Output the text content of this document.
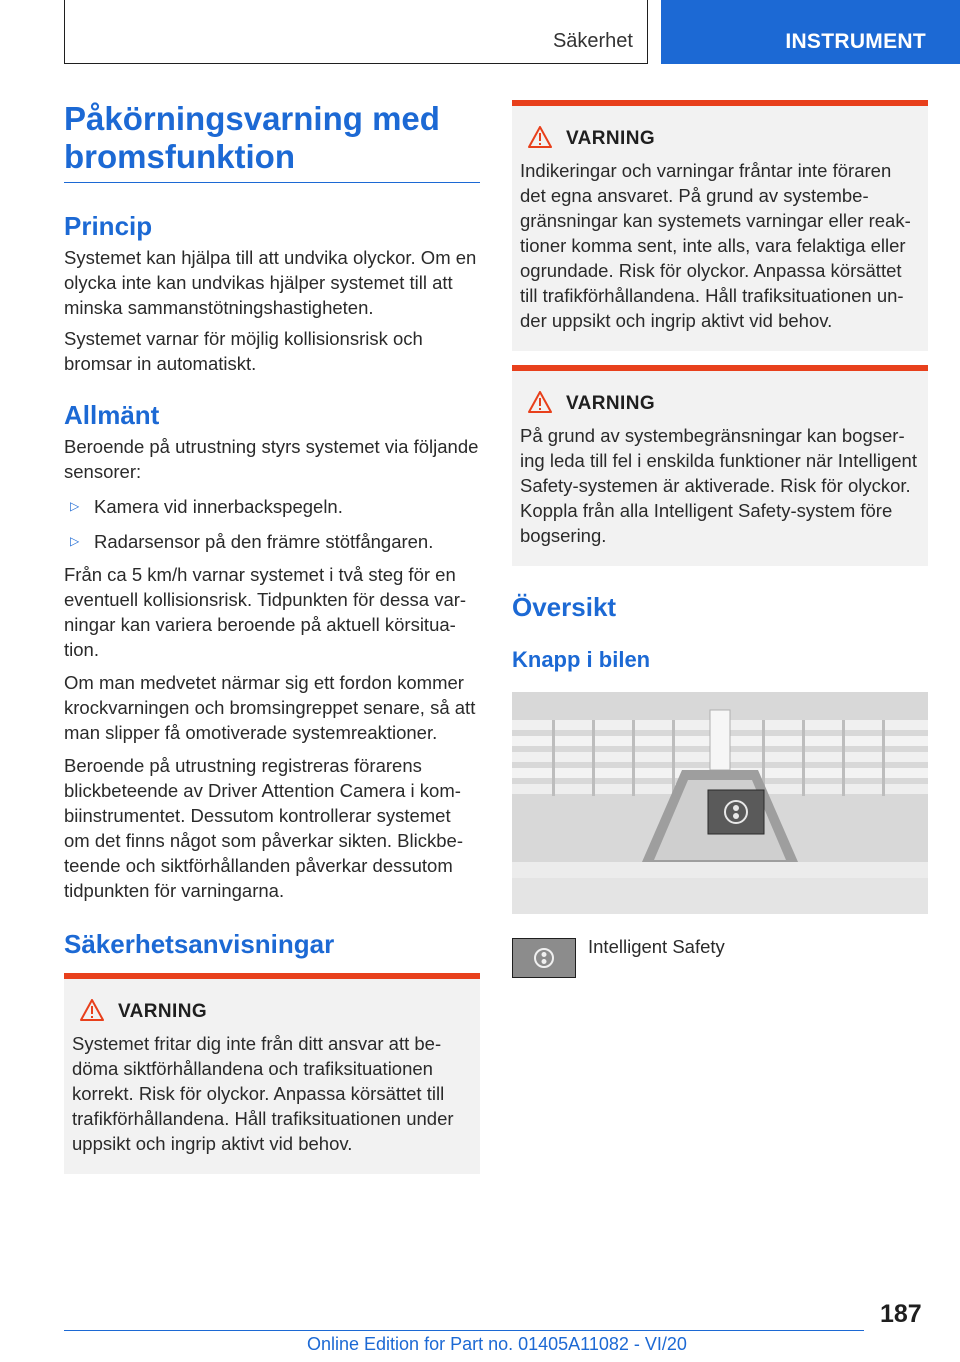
Säkerhet	INSTRUMENT
Påkörningsvarning med bromsfunktion
Princip

Systemet kan hjälpa till att undvika olyckor. Om en olycka inte kan undvikas hjälper systemet till att minska sammanstötningshastigheten.

Systemet varnar för möjlig kollisionsrisk och bromsar in automatiskt.

Allmänt

Beroende på utrustning styrs systemet via följande sensorer:

▷ Kamera vid innerbackspegeln.
▷ Radarsensor på den främre stötfångaren.

Från ca 5 km/h varnar systemet i två steg för en eventuell kollisionsrisk. Tidpunkten för dessa varningar kan variera beroende på aktuell körsituation.

Om man medvetet närmar sig ett fordon kommer krockvarningen och bromsingreppet senare, så att man slipper få omotiverade systemreaktioner.

Beroende på utrustning registreras förarens blickbeteende av Driver Attention Camera i kombiinstrumentet. Dessutom kontrollerar systemet om det finns något som påverkar sikten. Blickbeteende och siktförhållanden påverkar dessutom tidpunkten för varningarna.

Säkerhetsanvisningar
VARNING
Systemet fritar dig inte från ditt ansvar att bedöma siktförhållandena och trafiksituationen korrekt. Risk för olyckor. Anpassa körsättet till trafikförhållandena. Håll trafiksituationen under uppsikt och ingrip aktivt vid behov.
VARNING
Indikeringar och varningar fråntar inte föraren det egna ansvaret. På grund av systembegränsningar kan systemets varningar eller reaktioner komma sent, inte alls, vara felaktiga eller ogrundade. Risk för olyckor. Anpassa körsättet till trafikförhållandena. Håll trafiksituationen under uppsikt och ingrip aktivt vid behov.
VARNING
På grund av systembegränsningar kan bogsering leda till fel i enskilda funktioner när Intelligent Safety-systemen är aktiverade. Risk för olyckor. Koppla från alla Intelligent Safety-system före bogsering.
Översikt
Knapp i bilen
Intelligent Safety
187
Online Edition for Part no. 01405A11082 - VI/20
